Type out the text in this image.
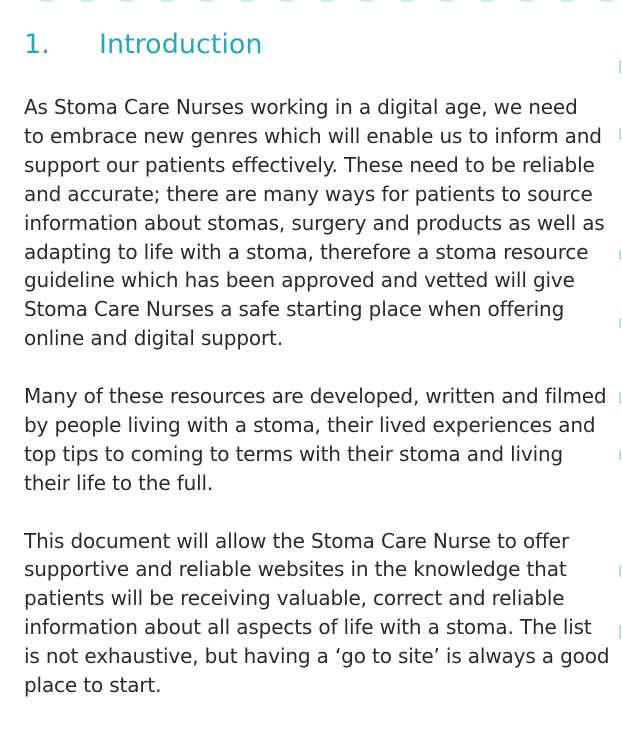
1. Introduction

As Stoma Care Nurses working in a digital age, we need
to embrace new genres which will enable us to inform and
support our patients effectively. These need to be reliable
and accurate; there are many ways for patients to source
information about stomas, surgery and products as well as
adapting to life with a stoma, therefore a stoma resource
guideline which has been approved and vetted will give
Stoma Care Nurses a safe starting place when offering
online and digital support.

Many of these resources are developed, written and filmed
by people living with a stoma, their lived experiences and
top tips to coming to terms with their stoma and living
their life to the full.

This document will allow the Stoma Care Nurse to offer
supportive and reliable websites in the knowledge that
patients will be receiving valuable, correct and reliable
information about all aspects of life with a stoma. The list
is not exhaustive, but having a ‘go to site’ is always a good
place to start.
